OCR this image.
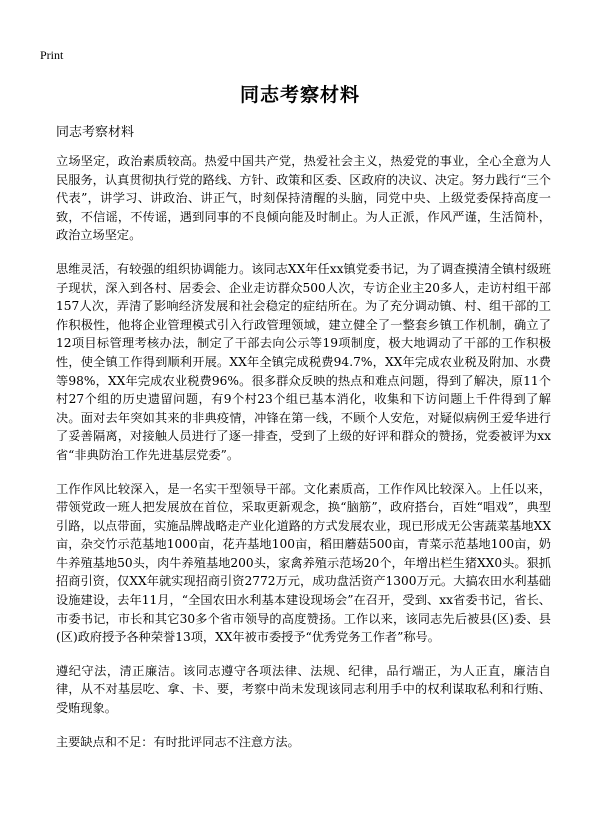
Print
同志考察材料
同志考察材料

立场坚定，政治素质较高。热爱中国共产党，热爱社会主义，热爱党的事业，全心全意为人民服务，认真贯彻执行党的路线、方针、政策和区委、区政府的决议、决定。努力践行“三个代表”，讲学习、讲政治、讲正气，时刻保持清醒的头脑，同党中央、上级党委保持高度一致，不信谣，不传谣，遇到同事的不良倾向能及时制止。为人正派，作风严谨，生活简朴，政治立场坚定。

思维灵活，有较强的组织协调能力。该同志XX年任xx镇党委书记，为了调查摸清全镇村级班子现状，深入到各村、居委会、企业走访群众500人次，专访企业主20多人，走访村组干部157人次，弄清了影响经济发展和社会稳定的症结所在。为了充分调动镇、村、组干部的工作积极性，他将企业管理模式引入行政管理领域，建立健全了一整套乡镇工作机制，确立了12项目标管理考核办法，制定了干部去向公示等19项制度，极大地调动了干部的工作积极性，使全镇工作得到顺利开展。XX年全镇完成税费94.7%，XX年完成农业税及附加、水费等98%，XX年完成农业税费96%。很多群众反映的热点和难点问题，得到了解决，原11个村27个组的历史遗留问题，有9个村23个组已基本消化，收集和下访问题上千件得到了解决。面对去年突如其来的非典疫情，冲锋在第一线，不顾个人安危，对疑似病例王爱华进行了妥善隔离，对接触人员进行了逐一排查，受到了上级的好评和群众的赞扬，党委被评为xx省“非典防治工作先进基层党委”。

工作作风比较深入，是一名实干型领导干部。文化素质高，工作作风比较深入。上任以来，带领党政一班人把发展放在首位，采取更新观念，换“脑筋”，政府搭台，百姓“唱戏”，典型引路，以点带面，实施品牌战略走产业化道路的方式发展农业，现已形成无公害蔬菜基地XX亩，杂交竹示范基地1000亩，花卉基地100亩，稻田蘑菇500亩，青菜示范基地100亩，奶牛养殖基地50头，肉牛养殖基地200头，家禽养殖示范场20个，年增出栏生猪XX0头。狠抓招商引资，仅XX年就实现招商引资2772万元，成功盘活资产1300万元。大搞农田水利基础设施建设，去年11月，“全国农田水利基本建设现场会”在召开，受到、xx省委书记，省长、市委书记，市长和其它30多个省市领导的高度赞扬。工作以来，该同志先后被县(区)委、县(区)政府授予各种荣誉13项，XX年被市委授予“优秀党务工作者”称号。

遵纪守法，清正廉洁。该同志遵守各项法律、法规、纪律，品行端正，为人正直，廉洁自律，从不对基层吃、拿、卡、要，考察中尚未发现该同志利用手中的权利谋取私利和行贿、受贿现象。

主要缺点和不足：有时批评同志不注意方法。
